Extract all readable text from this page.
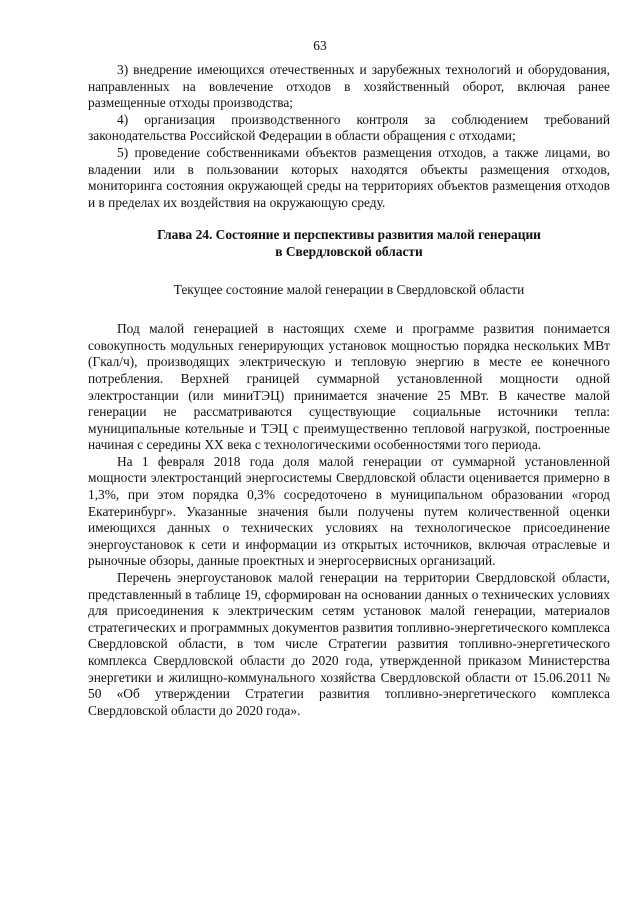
63

3) внедрение имеющихся отечественных и зарубежных технологий и оборудования, направленных на вовлечение отходов в хозяйственный оборот, включая ранее размещенные отходы производства;

4) организация производственного контроля за соблюдением требований законодательства Российской Федерации в области обращения с отходами;

5) проведение собственниками объектов размещения отходов, а также лицами, во владении или в пользовании которых находятся объекты размещения отходов, мониторинга состояния окружающей среды на территориях объектов размещения отходов и в пределах их воздействия на окружающую среду.

Глава 24. Состояние и перспективы развития малой генерации
в Свердловской области
Текущее состояние малой генерации в Свердловской области

Под малой генерацией в настоящих схеме и программе развития понимается совокупность модульных генерирующих установок мощностью порядка нескольких МВт (Гкал/ч), производящих электрическую и тепловую энергию в месте ее конечного потребления. Верхней границей суммарной установленной мощности одной электростанции (или миниТЭЦ) принимается значение 25 МВт. В качестве малой генерации не рассматриваются существующие социальные источники тепла: муниципальные котельные и ТЭЦ с преимущественно тепловой нагрузкой, построенные начиная с середины XX века с технологическими особенностями того периода.

На 1 февраля 2018 года доля малой генерации от суммарной установленной мощности электростанций энергосистемы Свердловской области оценивается примерно в 1,3%, при этом порядка 0,3% сосредоточено в муниципальном образовании «город Екатеринбург». Указанные значения были получены путем количественной оценки имеющихся данных о технических условиях на технологическое присоединение энергоустановок к сети и информации из открытых источников, включая отраслевые и рыночные обзоры, данные проектных и энергосервисных организаций.

Перечень энергоустановок малой генерации на территории Свердловской области, представленный в таблице 19, сформирован на основании данных о технических условиях для присоединения к электрическим сетям установок малой генерации, материалов стратегических и программных документов развития топливно-энергетического комплекса Свердловской области, в том числе Стратегии развития топливно-энергетического комплекса Свердловской области до 2020 года, утвержденной приказом Министерства энергетики и жилищно-коммунального хозяйства Свердловской области от 15.06.2011 № 50 «Об утверждении Стратегии развития топливно-энергетического комплекса Свердловской области до 2020 года».
